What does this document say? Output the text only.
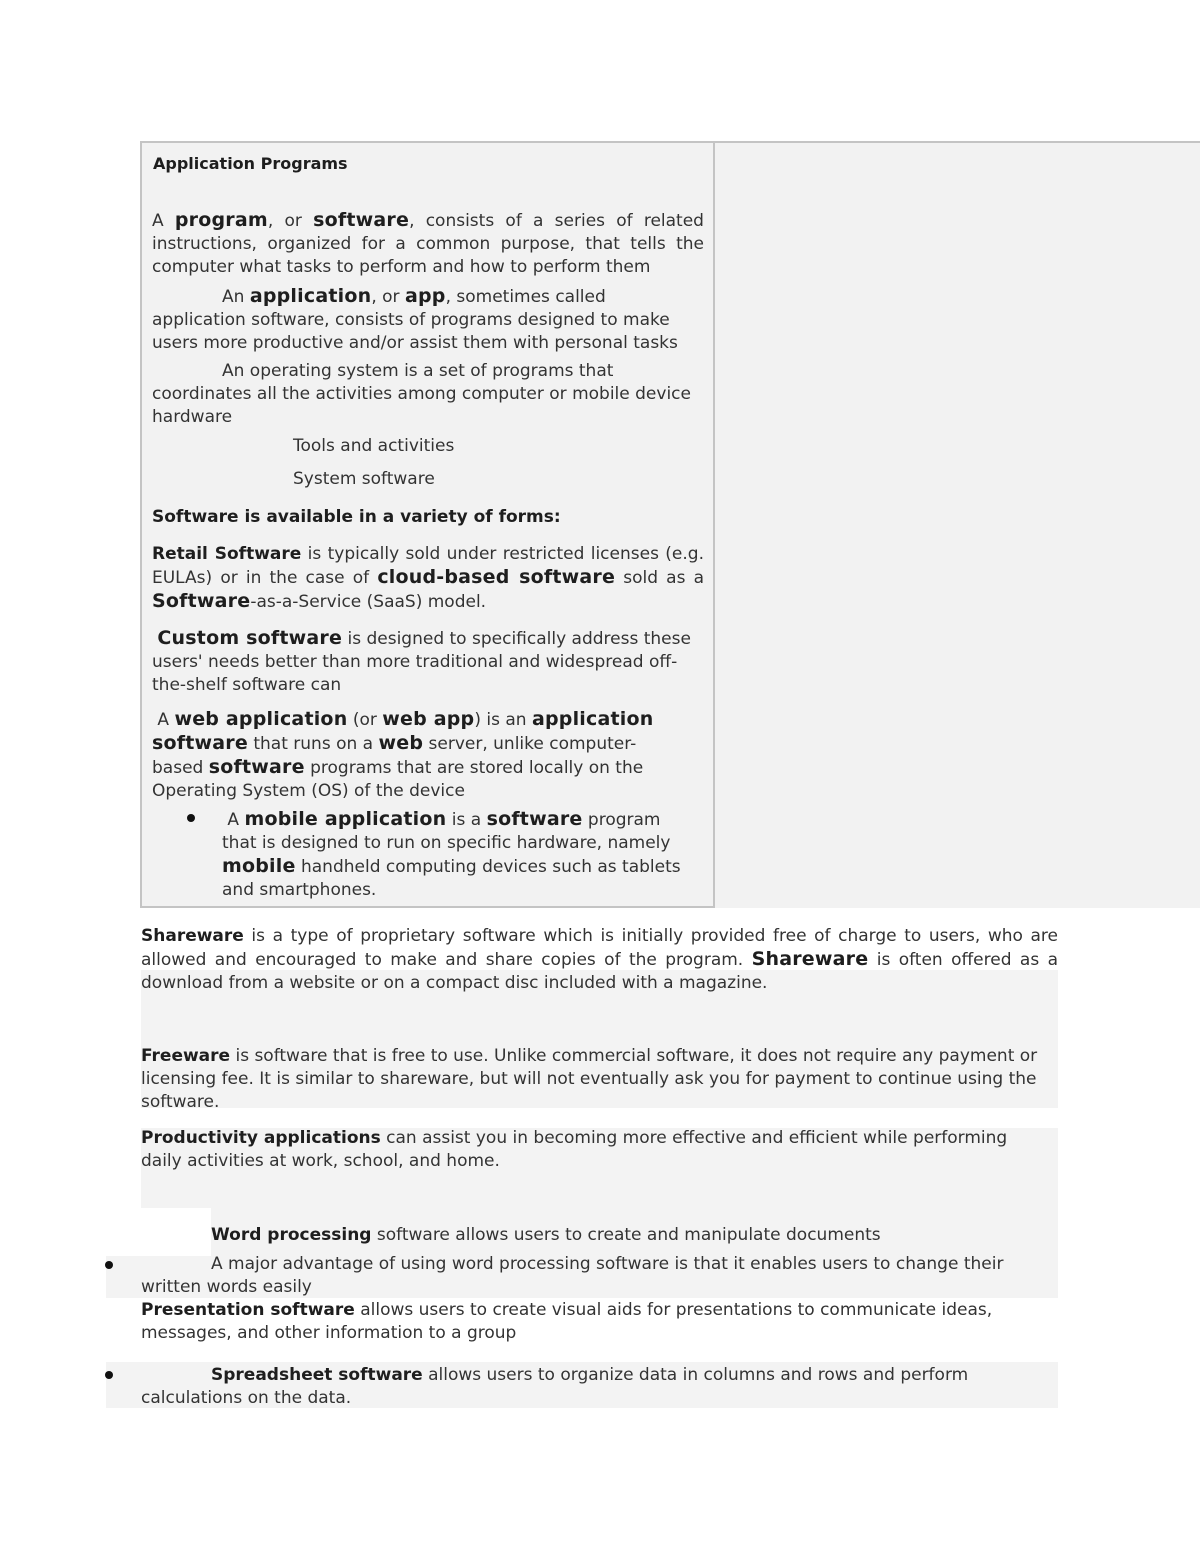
Application Programs
A program, or software, consists of a series of related instructions, organized for a common purpose, that tells the computer what tasks to perform and how to perform them
An application, or app, sometimes called application software, consists of programs designed to make users more productive and/or assist them with personal tasks
An operating system is a set of programs that coordinates all the activities among computer or mobile device hardware
Tools and activities
System software
Software is available in a variety of forms:
Retail Software is typically sold under restricted licenses (e.g. EULAs) or in the case of cloud-based software sold as a Software-as-a-Service (SaaS) model.
Custom software is designed to specifically address these users' needs better than more traditional and widespread off-the-shelf software can
A web application (or web app) is an application software that runs on a web server, unlike computer-based software programs that are stored locally on the Operating System (OS) of the device
A mobile application is a software program that is designed to run on specific hardware, namely mobile handheld computing devices such as tablets and smartphones.
Shareware is a type of proprietary software which is initially provided free of charge to users, who are allowed and encouraged to make and share copies of the program. Shareware is often offered as a download from a website or on a compact disc included with a magazine.
Freeware is software that is free to use. Unlike commercial software, it does not require any payment or licensing fee. It is similar to shareware, but will not eventually ask you for payment to continue using the software.
Productivity applications can assist you in becoming more effective and efficient while performing daily activities at work, school, and home.
Word processing software allows users to create and manipulate documents
A major advantage of using word processing software is that it enables users to change their
written words easily
Presentation software allows users to create visual aids for presentations to communicate ideas, messages, and other information to a group
Spreadsheet software allows users to organize data in columns and rows and perform
calculations on the data.
